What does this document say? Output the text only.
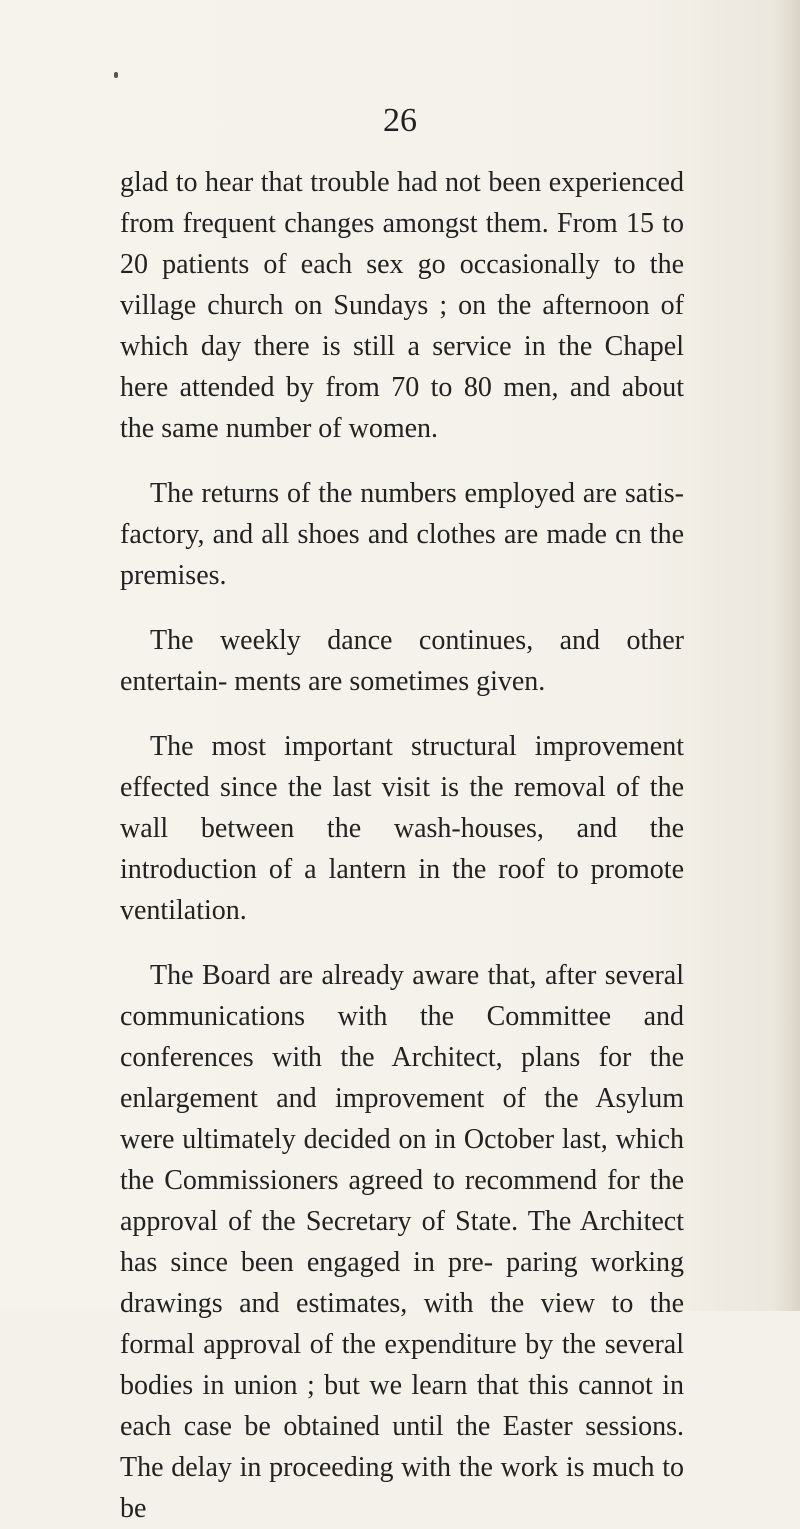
26

glad to hear that trouble had not been experienced from frequent changes amongst them. From 15 to 20 patients of each sex go occasionally to the village church on Sundays ; on the afternoon of which day there is still a service in the Chapel here attended by from 70 to 80 men, and about the same number of women.

The returns of the numbers employed are satis- factory, and all shoes and clothes are made cn the premises.

The weekly dance continues, and other entertain- ments are sometimes given.

The most important structural improvement effected since the last visit is the removal of the wall between the wash-houses, and the introduction of a lantern in the roof to promote ventilation.

The Board are already aware that, after several communications with the Committee and conferences with the Architect, plans for the enlargement and improvement of the Asylum were ultimately decided on in October last, which the Commissioners agreed to recommend for the approval of the Secretary of State. The Architect has since been engaged in pre- paring working drawings and estimates, with the view to the formal approval of the expenditure by the several bodies in union ; but we learn that this cannot in each case be obtained until the Easter sessions. The delay in proceeding with the work is much to be
